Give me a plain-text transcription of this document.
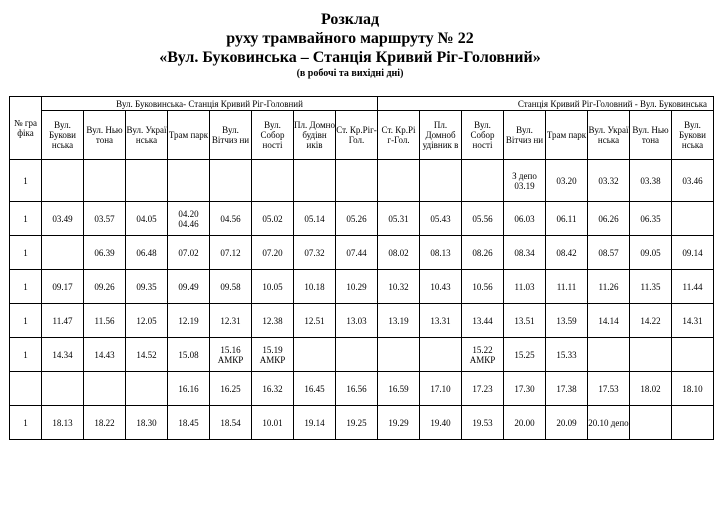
Розклад
руху трамвайного маршруту № 22
«Вул. Буковинська – Станція Кривий Ріг-Головний»
(в робочі та вихідні дні)
№ гра фіка	Вул. Буковинська- Станція Кривий Ріг-Головний								Станція Кривий Ріг-Головний - Вул. Буковинська							
	Вул. Букови нська	Вул. Нью тона	Вул. Украї нська	Трам парк	Вул. Вітчиз ни	Вул. Собор ності	Пл. Домно будівн иків	Ст. Кр.Ріг-Гол.	Ст. Кр.Рі г-Гол.	Пл. Домноб удівник в	Вул. Собор ності	Вул. Вітчиз ни	Трам парк	Вул. Украї нська	Вул. Нью тона	Вул. Букови нська
1												З депо 03.19	03.20	03.32	03.38	03.46
1	03.49	03.57	04.05	04.20 04.46	04.56	05.02	05.14	05.26	05.31	05.43	05.56	06.03	06.11	06.26	06.35	
1		06.39	06.48	07.02	07.12	07.20	07.32	07.44	08.02	08.13	08.26	08.34	08.42	08.57	09.05	09.14
1	09.17	09.26	09.35	09.49	09.58	10.05	10.18	10.29	10.32	10.43	10.56	11.03	11.11	11.26	11.35	11.44
1	11.47	11.56	12.05	12.19	12.31	12.38	12.51	13.03	13.19	13.31	13.44	13.51	13.59	14.14	14.22	14.31
1	14.34	14.43	14.52	15.08	15.16 АМКР	15.19 АМКР					15.22 АМКР	15.25	15.33			
				16.16	16.25	16.32	16.45	16.56	16.59	17.10	17.23	17.30	17.38	17.53	18.02	18.10
1	18.13	18.22	18.30	18.45	18.54	10.01	19.14	19.25	19.29	19.40	19.53	20.00	20.09	20.10 депо		
